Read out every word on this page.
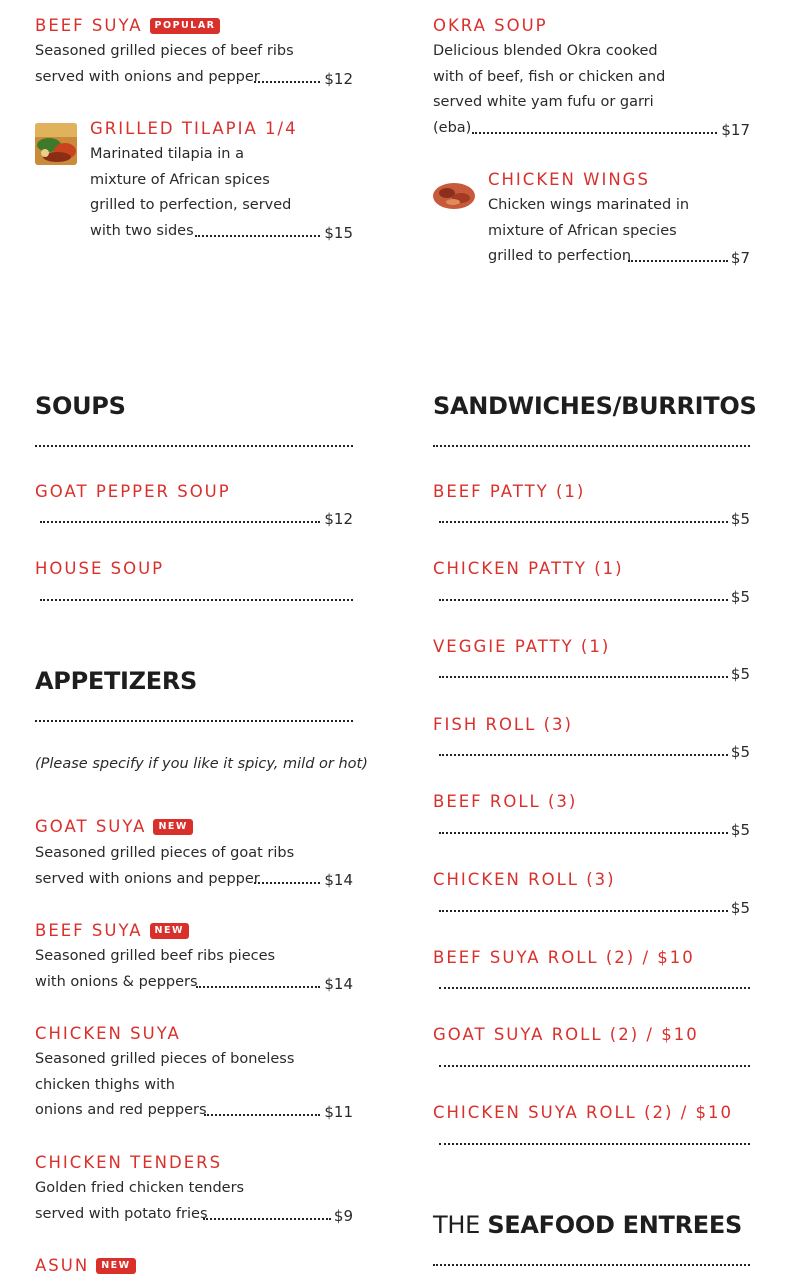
BEEF SUYA POPULAR
Seasoned grilled pieces of beef ribs
served with onions and pepper	$12
GRILLED TILAPIA 1/4
Marinated tilapia in a
mixture of African spices
grilled to perfection, served
with two sides	$15
SOUPS
GOAT PEPPER SOUP
$12
HOUSE SOUP
APPETIZERS
(Please specify if you like it spicy, mild or hot)
GOAT SUYA NEW
Seasoned grilled pieces of goat ribs
served with onions and pepper	$14
BEEF SUYA NEW
Seasoned grilled beef ribs pieces
with onions & peppers	$14
CHICKEN SUYA
Seasoned grilled pieces of boneless
chicken thighs with
onions and red peppers	$11
CHICKEN TENDERS
Golden fried chicken tenders
served with potato fries	$9
ASUN NEW
OKRA SOUP
Delicious blended Okra cooked
with of beef, fish or chicken and
served white yam fufu or garri
(eba)	$17
CHICKEN WINGS
Chicken wings marinated in
mixture of African species
grilled to perfection	$7
SANDWICHES/BURRITOS
BEEF PATTY (1)
$5
CHICKEN PATTY (1)
$5
VEGGIE PATTY (1)
$5
FISH ROLL (3)
$5
BEEF ROLL (3)
$5
CHICKEN ROLL (3)
$5
BEEF SUYA ROLL (2) / $10
GOAT SUYA ROLL (2) / $10
CHICKEN SUYA ROLL (2) / $10
THE SEAFOOD ENTREES
